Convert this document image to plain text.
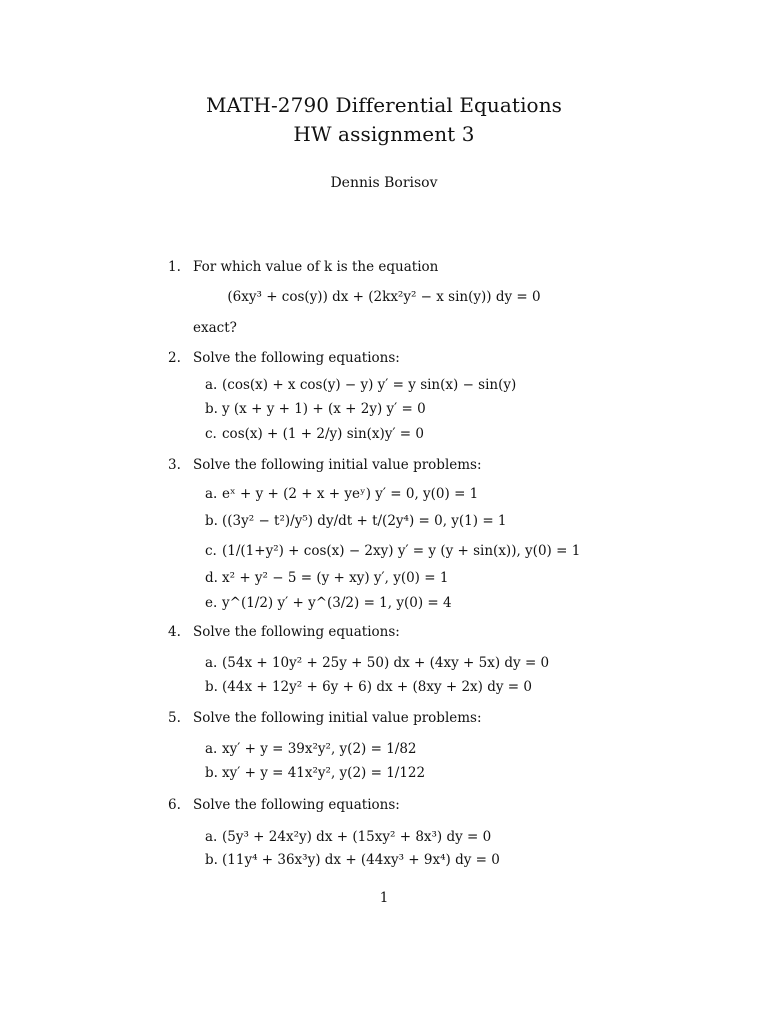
MATH-2790 Differential Equations
HW assignment 3
Dennis Borisov
1. For which value of k is the equation
(6xy³ + cos(y)) dx + (2kx²y² − x sin(y)) dy = 0
exact?
2. Solve the following equations:
a. (cos(x) + x cos(y) − y) y′ = y sin(x) − sin(y)
b. y (x + y + 1) + (x + 2y) y′ = 0
c. cos(x) + (1 + 2/y) sin(x)y′ = 0
3. Solve the following initial value problems:
a. eˣ + y + (2 + x + yeʸ) y′ = 0, y(0) = 1
b. ((3y² − t²)/y⁵) dy/dt + t/(2y⁴) = 0, y(1) = 1
c. (1/(1+y²) + cos(x) − 2xy) y′ = y (y + sin(x)), y(0) = 1
d. x² + y² − 5 = (y + xy) y′, y(0) = 1
e. y^(1/2) y′ + y^(3/2) = 1, y(0) = 4
4. Solve the following equations:
a. (54x + 10y² + 25y + 50) dx + (4xy + 5x) dy = 0
b. (44x + 12y² + 6y + 6) dx + (8xy + 2x) dy = 0
5. Solve the following initial value problems:
a. xy′ + y = 39x²y², y(2) = 1/82
b. xy′ + y = 41x²y², y(2) = 1/122
6. Solve the following equations:
a. (5y³ + 24x²y) dx + (15xy² + 8x³) dy = 0
b. (11y⁴ + 36x³y) dx + (44xy³ + 9x⁴) dy = 0
1
